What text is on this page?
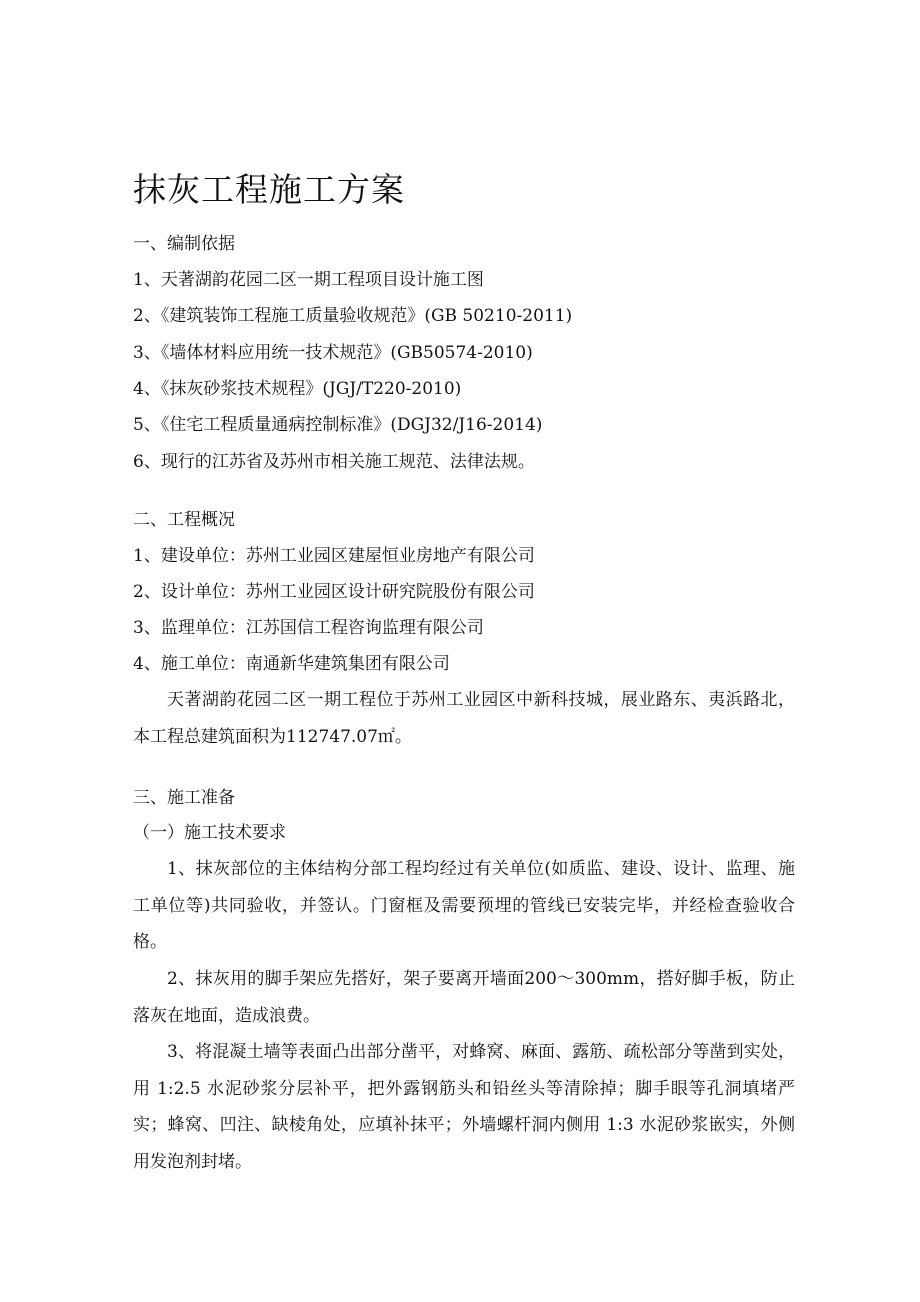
抹灰工程施工方案
一、编制依据
1、天著湖韵花园二区一期工程项目设计施工图
2、《建筑装饰工程施工质量验收规范》(GB 50210-2011)
3、《墙体材料应用统一技术规范》(GB50574-2010)
4、《抹灰砂浆技术规程》(JGJ/T220-2010)
5、《住宅工程质量通病控制标准》(DGJ32/J16-2014)
6、现行的江苏省及苏州市相关施工规范、法律法规。
二、工程概况
1、建设单位：苏州工业园区建屋恒业房地产有限公司
2、设计单位：苏州工业园区设计研究院股份有限公司
3、监理单位：江苏国信工程咨询监理有限公司
4、施工单位：南通新华建筑集团有限公司
天著湖韵花园二区一期工程位于苏州工业园区中新科技城，展业路东、夷浜路北，本工程总建筑面积为112747.07㎡。
三、施工准备
（一）施工技术要求
1、抹灰部位的主体结构分部工程均经过有关单位(如质监、建设、设计、监理、施工单位等)共同验收，并签认。门窗框及需要预埋的管线已安装完毕，并经检查验收合格。
2、抹灰用的脚手架应先搭好，架子要离开墙面200～300mm，搭好脚手板，防止落灰在地面，造成浪费。
3、将混凝土墙等表面凸出部分凿平，对蜂窝、麻面、露筋、疏松部分等凿到实处，用 1:2.5 水泥砂浆分层补平，把外露钢筋头和铅丝头等清除掉；脚手眼等孔洞填堵严实；蜂窝、凹注、缺棱角处，应填补抹平；外墙螺杆洞内侧用 1:3 水泥砂浆嵌实，外侧用发泡剂封堵。
